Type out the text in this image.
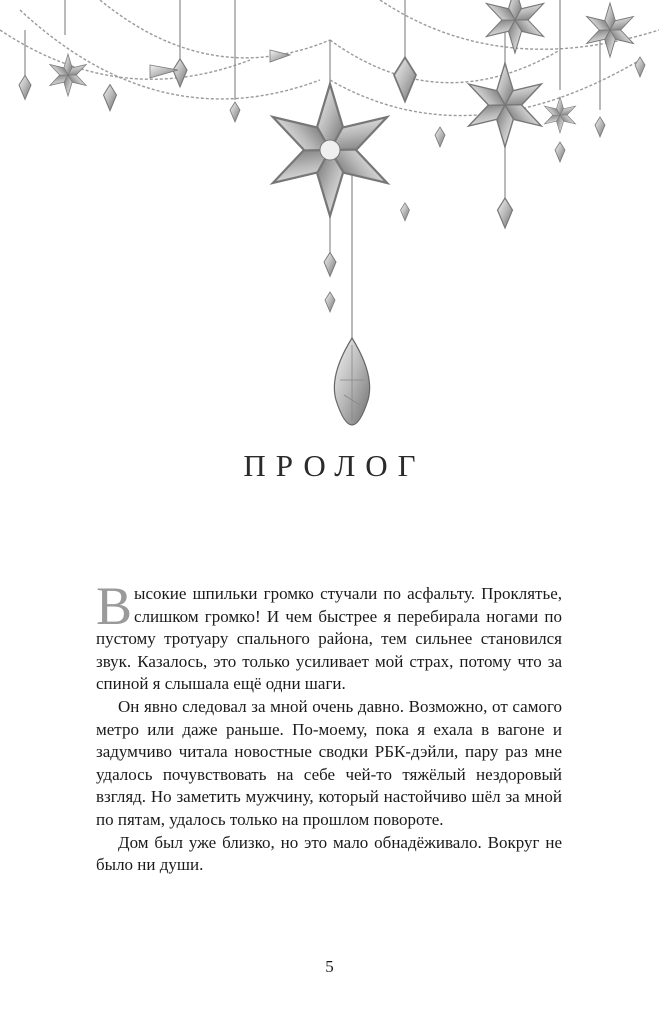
ПРОЛОГ

Высокие шпильки громко стучали по асфальту. Проклятье, слишком громко! И чем быстрее я перебирала ногами по пустому тротуару спального района, тем сильнее становился звук. Казалось, это только усиливает мой страх, потому что за спиной я слышала ещё одни шаги.

Он явно следовал за мной очень давно. Возможно, от самого метро или даже раньше. По-моему, пока я ехала в вагоне и задумчиво читала новостные сводки РБК-дэйли, пару раз мне удалось почувствовать на себе чей-то тяжёлый нездоровый взгляд. Но заметить мужчину, который настойчиво шёл за мной по пятам, удалось только на прошлом повороте.

Дом был уже близко, но это мало обнадёживало. Вокруг не было ни души.

5
